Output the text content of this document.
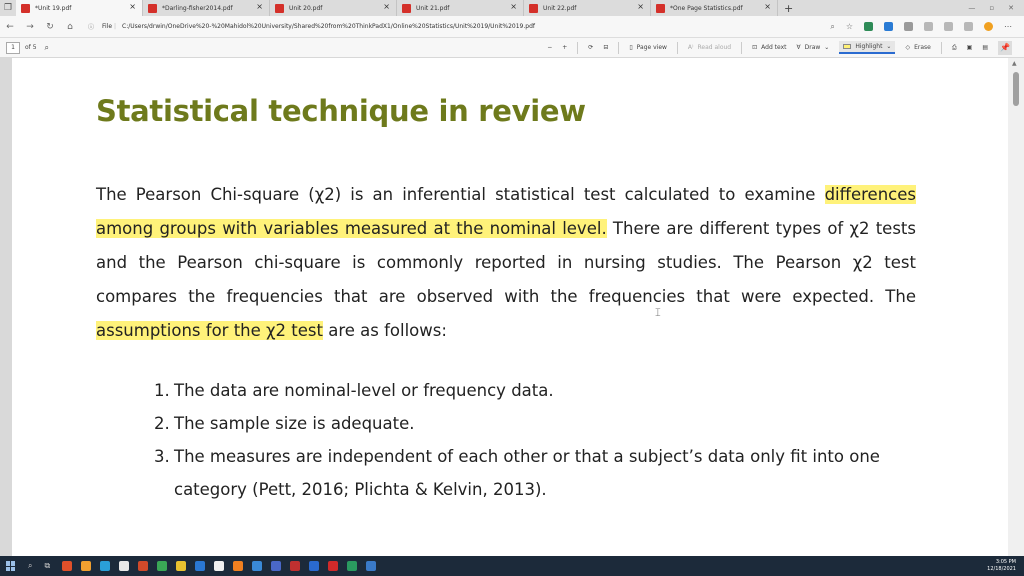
❐	*Unit 19.pdf	×	*Darling-fisher2014.pdf	×	Unit 20.pdf	×	Unit 21.pdf	×	Unit 22.pdf	×	*One Page Statistics.pdf	× +	— ▫ ✕
←	→	↻	⌂	ⓘ File | C:/Users/drwin/OneDrive%20-%20Mahidol%20University/Shared%20from%20ThinkPadX1/Online%20Statistics/Unit%2019/Unit%2019.pdf	⌕ ☆	⋯
1	of 5 ⌕	− +	⟳ ⊟	▯ Page view	A⁾ Read aloud	⊡ Add text ∀ Draw ⌄	Highlight ⌄ ◇ Erase	⎙ ▣ ▤ 📌
Statistical technique in review

The Pearson Chi-square (χ2) is an inferential statistical test calculated to examine differences among groups with variables measured at the nominal level. There are different types of χ2 tests and the Pearson chi-square is commonly reported in nursing studies. The Pearson χ2 test compares the frequencies that are observed with the frequencies that were expected. The assumptions for the χ2 test are as follows:

𝙸
1. The data are nominal-level or frequency data.
2. The sample size is adequate.
3. The measures are independent of each other or that a subject’s data only fit into one category (Pett, 2016; Plichta & Kelvin, 2013).
▲
⌕ ⧉	3:05 PM
12/18/2021
